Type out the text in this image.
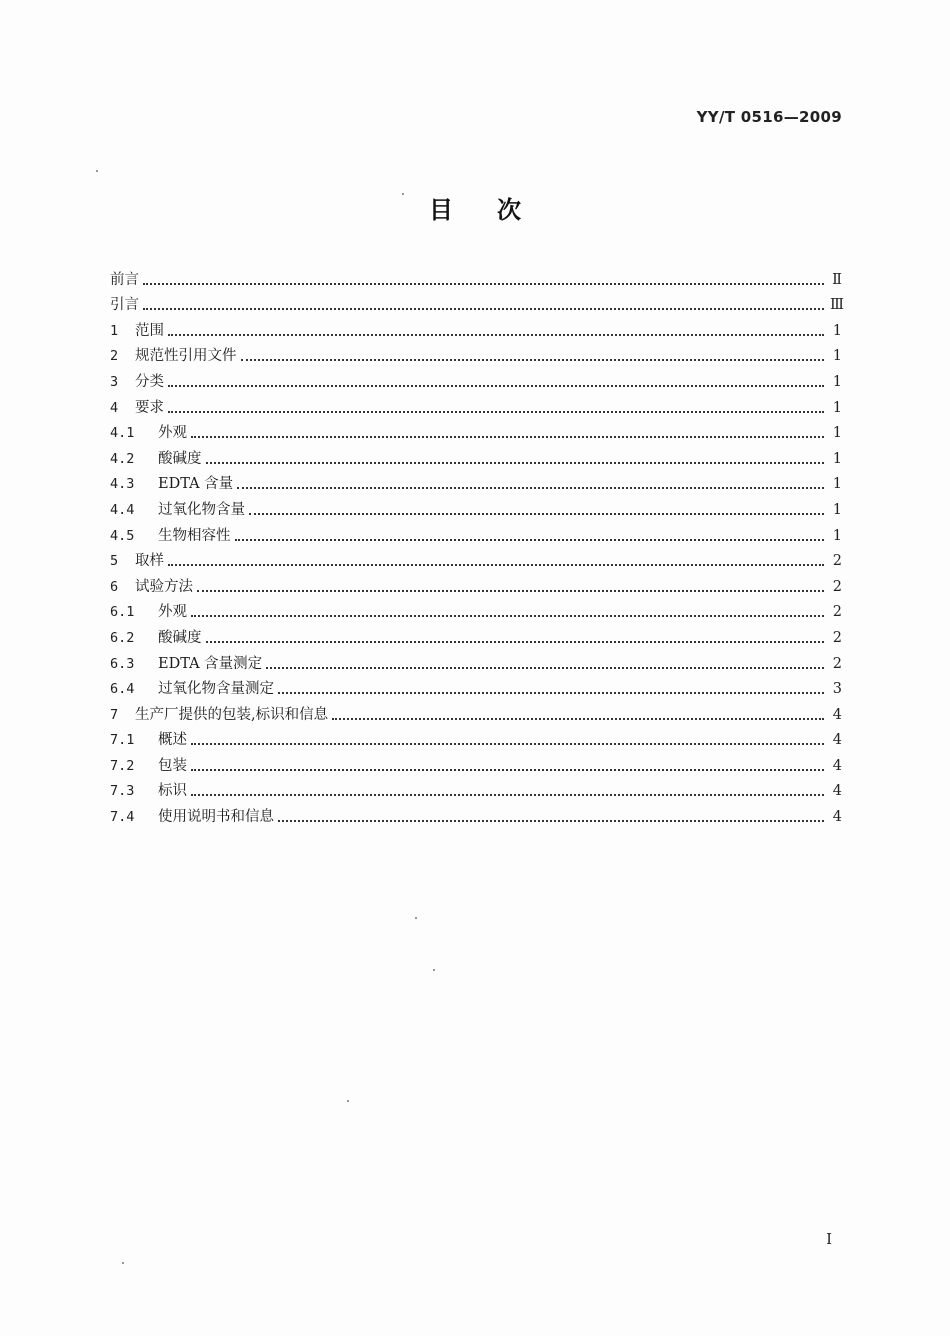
YY/T 0516—2009
目次
前言	Ⅱ
引言	Ⅲ
1	范围	1
2	规范性引用文件	1
3	分类	1
4	要求	1
4.1	外观	1
4.2	酸碱度	1
4.3	EDTA 含量	1
4.4	过氧化物含量	1
4.5	生物相容性	1
5	取样	2
6	试验方法	2
6.1	外观	2
6.2	酸碱度	2
6.3	EDTA 含量测定	2
6.4	过氧化物含量测定	3
7	生产厂提供的包装,标识和信息	4
7.1	概述	4
7.2	包装	4
7.3	标识	4
7.4	使用说明书和信息	4
I
